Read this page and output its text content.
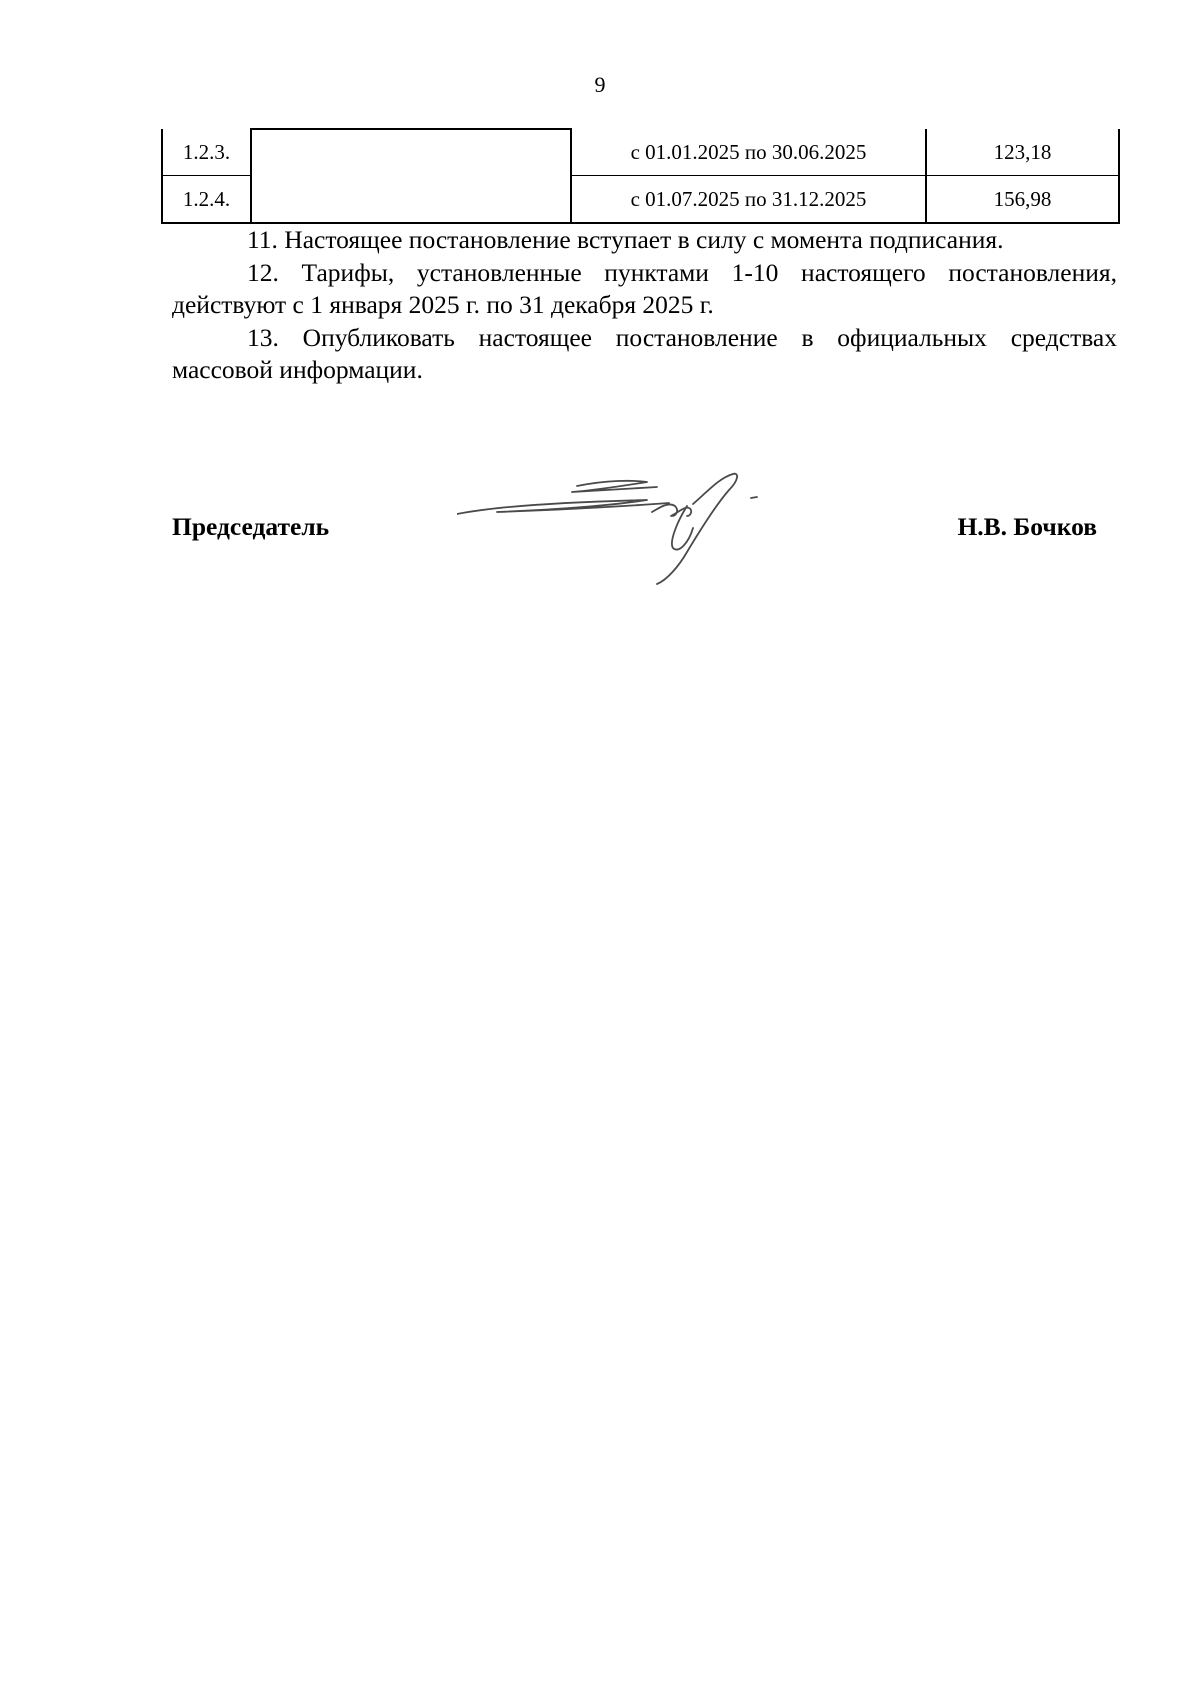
9
1.2.3.		с 01.01.2025 по 30.06.2025	123,18
1.2.4.		с 01.07.2025 по 31.12.2025	156,98

11. Настоящее постановление вступает в силу с момента подписания.

12. Тарифы, установленные пунктами 1-10 настоящего постановления, действуют с 1 января 2025 г. по 31 декабря 2025 г.

13. Опубликовать настоящее постановление в официальных средствах массовой информации.

Председатель	Н.В. Бочков
